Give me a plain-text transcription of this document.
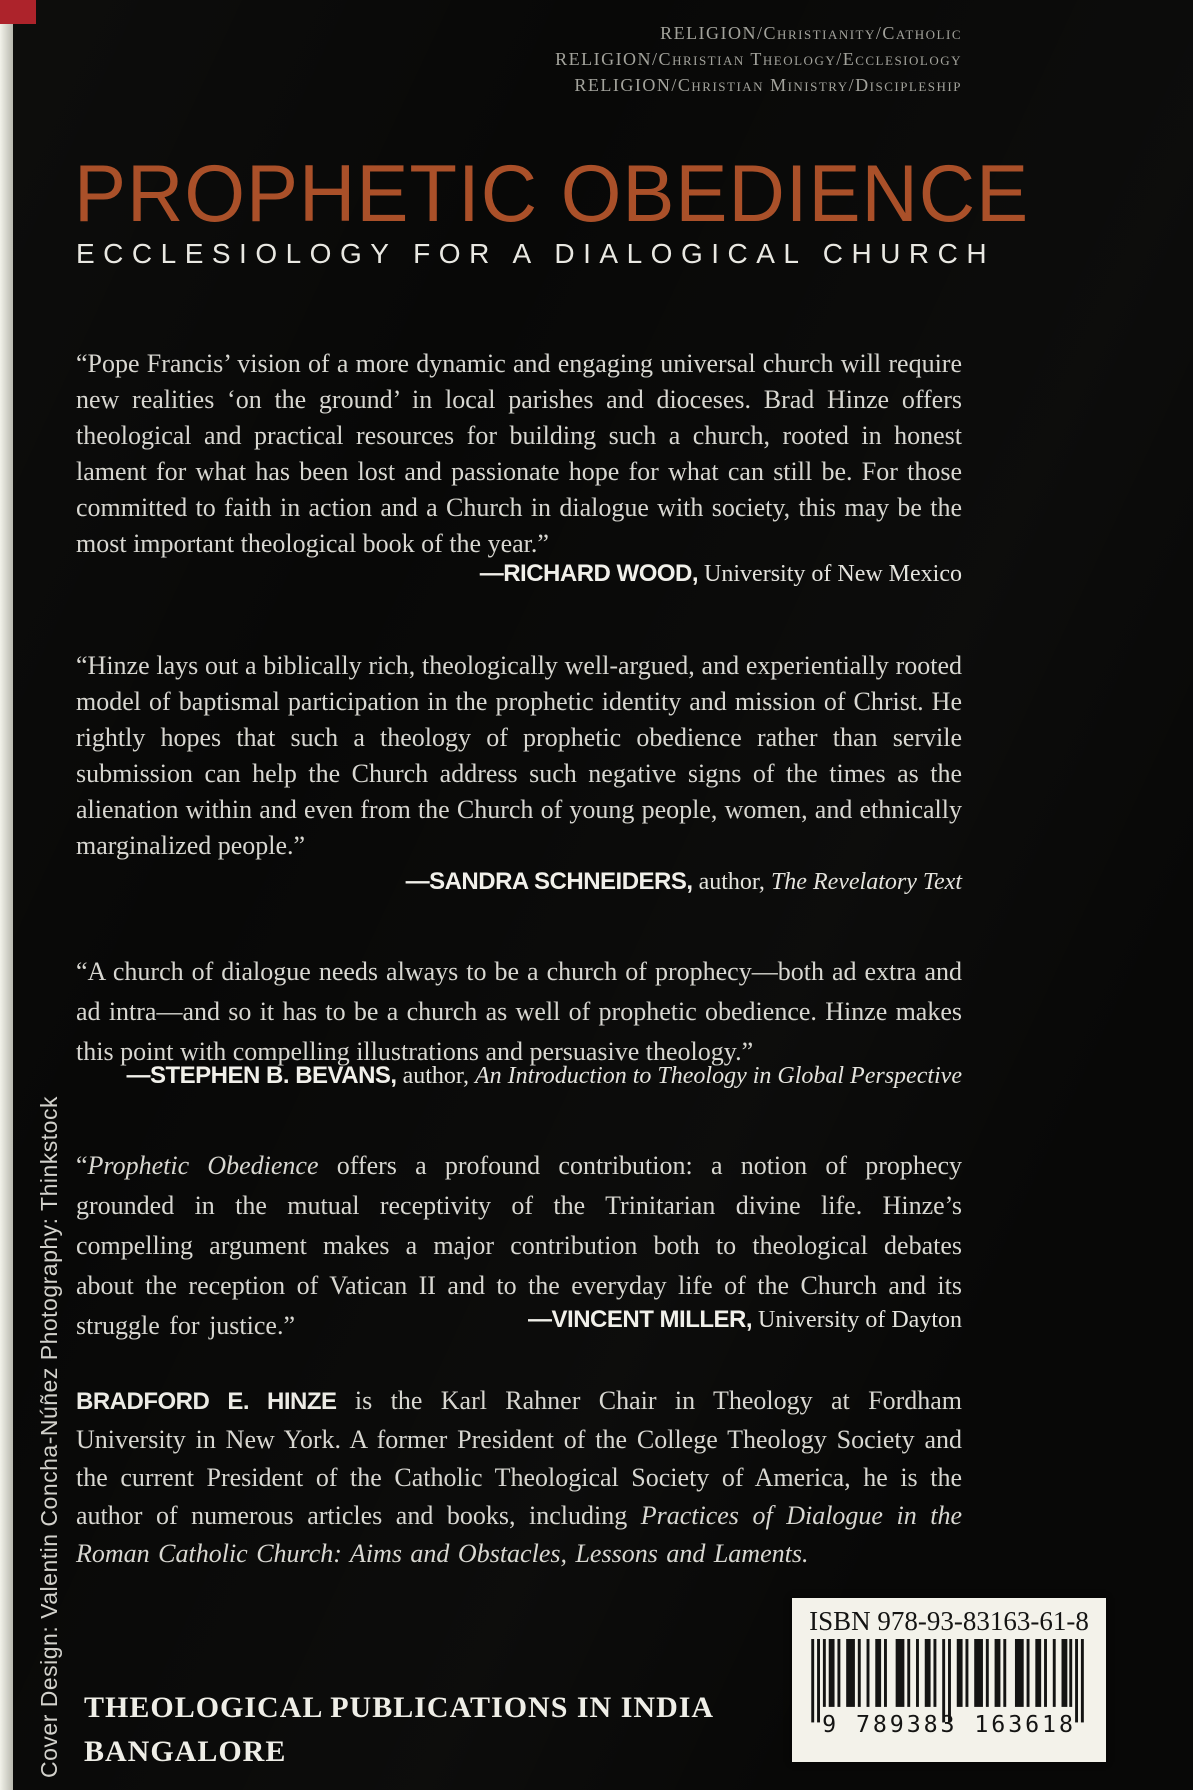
RELIGION/Christianity/Catholic
RELIGION/Christian Theology/Ecclesiology
RELIGION/Christian Ministry/Discipleship
PROPHETIC OBEDIENCE
ECCLESIOLOGY FOR A DIALOGICAL CHURCH

“Pope Francis’ vision of a more dynamic and engaging universal church will require new realities ‘on the ground’ in local parishes and dioceses. Brad Hinze offers theological and practical resources for building such a church, rooted in honest lament for what has been lost and passionate hope for what can still be. For those committed to faith in action and a Church in dialogue with society, this may be the most important theological book of the year.”

—RICHARD WOOD, University of New Mexico

“Hinze lays out a biblically rich, theologically well-argued, and experientially rooted model of baptismal participation in the prophetic identity and mission of Christ. He rightly hopes that such a theology of prophetic obedience rather than servile submission can help the Church address such negative signs of the times as the alienation within and even from the Church of young people, women, and ethnically marginalized people.”

—SANDRA SCHNEIDERS, author, The Revelatory Text

“A church of dialogue needs always to be a church of prophecy—both ad extra and ad intra—and so it has to be a church as well of prophetic obedience. Hinze makes this point with compelling illustrations and persuasive theology.”

—STEPHEN B. BEVANS, author, An Introduction to Theology in Global Perspective

“Prophetic Obedience offers a profound contribution: a notion of prophecy grounded in the mutual receptivity of the Trinitarian divine life. Hinze’s compelling argument makes a major contribution both to theological debates about the reception of Vatican II and to the everyday life of the Church and its struggle for justice.”	—VINCENT MILLER, University of Dayton

BRADFORD E. HINZE is the Karl Rahner Chair in Theology at Fordham University in New York. A former President of the College Theology Society and the current President of the Catholic Theological Society of America, he is the author of numerous articles and books, including Practices of Dialogue in the Roman Catholic Church: Aims and Obstacles, Lessons and Laments.

ISBN 978-93-83163-61-8
9 789383 163618
THEOLOGICAL PUBLICATIONS IN INDIA
BANGALORE
Cover Design: Valentin Concha-Núñez Photography: Thinkstock
